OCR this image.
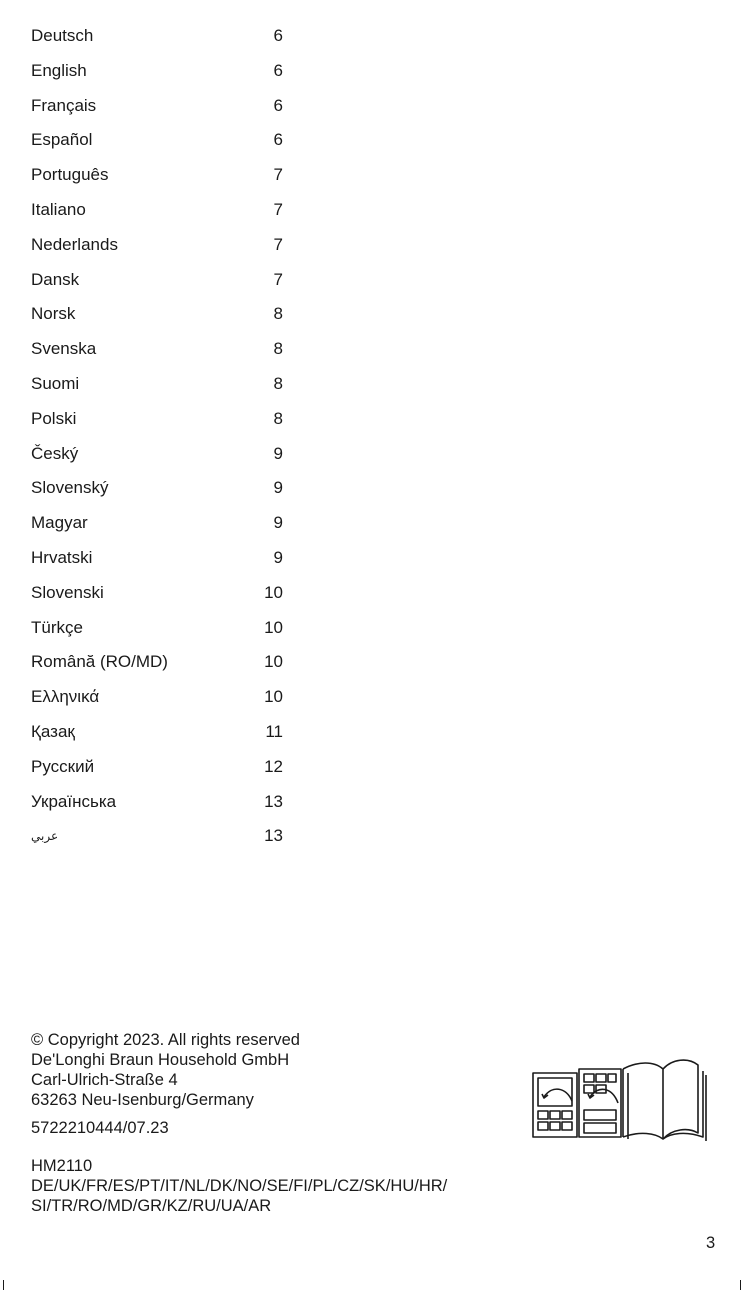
Deutsch	6
English	6
Français	6
Español	6
Português	7
Italiano	7
Nederlands	7
Dansk	7
Norsk	8
Svenska	8
Suomi	8
Polski	8
Český	9
Slovenský	9
Magyar	9
Hrvatski	9
Slovenski	10
Türkçe	10
Română (RO/MD)	10
Ελληνικά	10
Қазақ	11
Русский	12
Українська	13
عربي	13
© Copyright 2023. All rights reserved
De'Longhi Braun Household GmbH
Carl-Ulrich-Straße 4
63263 Neu-Isenburg/Germany
5722210444/07.23
HM2110
DE/UK/FR/ES/PT/IT/NL/DK/NO/SE/FI/PL/CZ/SK/HU/HR/
SI/TR/RO/MD/GR/KZ/RU/UA/AR
3
